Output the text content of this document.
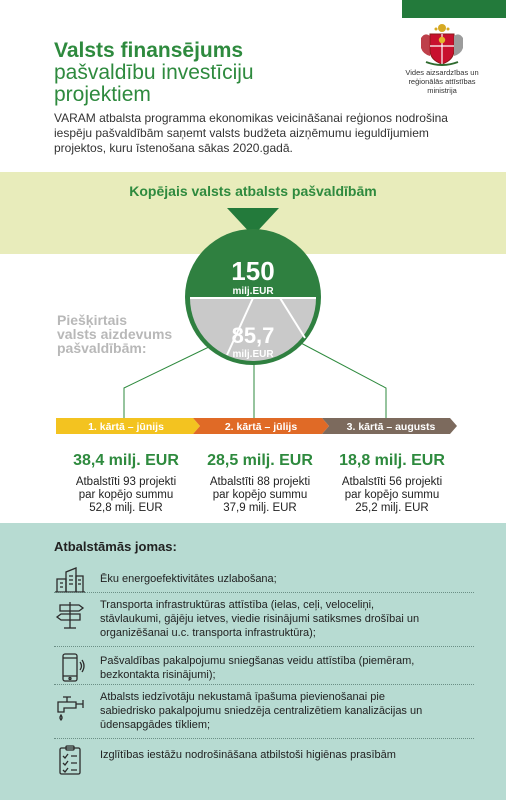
Valsts finansējums
pašvaldību investīciju
projektiem
Vides aizsardzības un
reģionālās attīstības
ministrija
VARAM atbalsta programma ekonomikas veicināšanai reģionos nodrošina iespēju pašvaldībām saņemt valsts budžeta aizņēmumu ieguldījumiem projektos, kuru īstenošana sākas 2020.gadā.
Kopējais valsts atbalsts pašvaldībām
150
milj.EUR
85,7
milj.EUR
1. kārtā – jūnijs	2. kārtā – jūlijs	3. kārtā – augusts
Piešķirtais
valsts aizdevums
pašvaldībām:
38,4 milj. EUR	28,5 milj. EUR	18,8 milj. EUR
Atbalstīti 93 projekti
par kopējo summu
52,8 milj. EUR
Atbalstīti 88 projekti
par kopējo summu
37,9 milj. EUR
Atbalstīti 56 projekti
par kopējo summu
25,2 milj. EUR
Atbalstāmās jomas:
Ēku energoefektivitātes uzlabošana;
Transporta infrastruktūras attīstība (ielas, ceļi, veloceliņi,
stāvlaukumi, gājēju ietves, viedie risinājumi satiksmes drošībai un
organizēšanai u.c. transporta infrastruktūra);
Pašvaldības pakalpojumu sniegšanas veidu attīstība (piemēram,
bezkontakta risinājumi);
Atbalsts iedzīvotāju nekustamā īpašuma pievienošanai pie
sabiedrisko pakalpojumu sniedzēja centralizētiem kanalizācijas un
ūdensapgādes tīkliem;
Izglītības iestāžu nodrošināšana atbilstoši higiēnas prasībām
